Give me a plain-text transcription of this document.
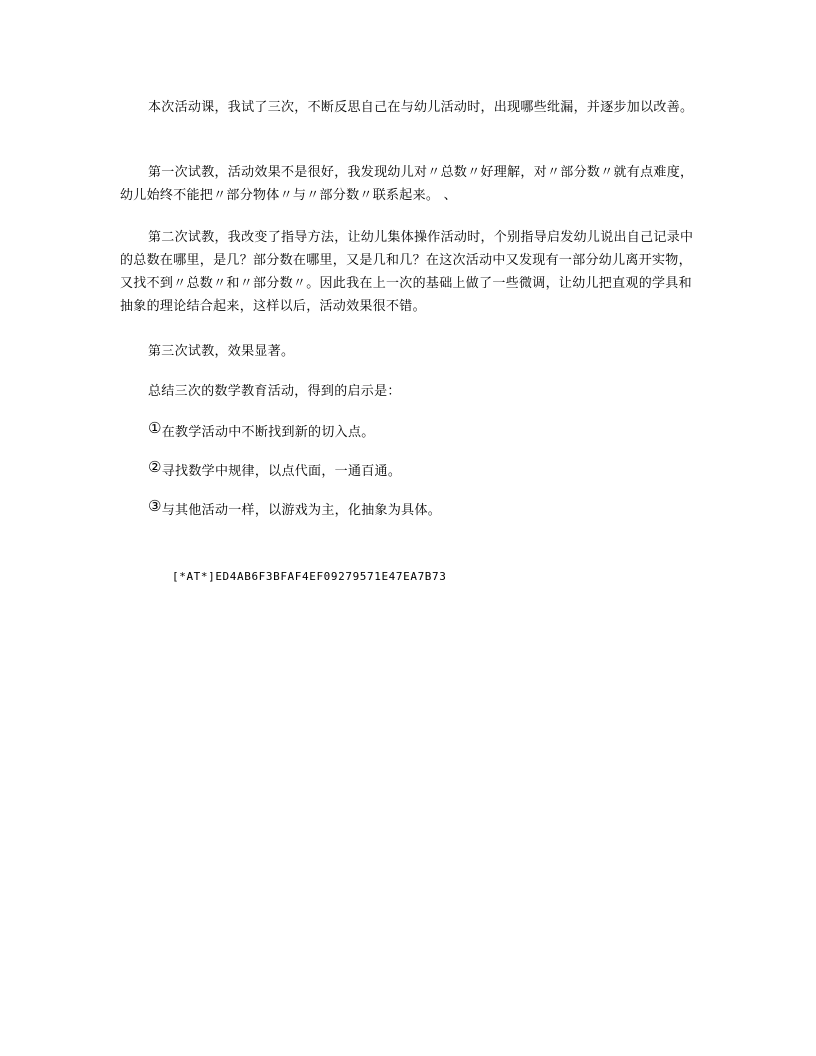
本次活动课，我试了三次，不断反思自己在与幼儿活动时，出现哪些纰漏，并逐步加以改善。

第一次试教，活动效果不是很好，我发现幼儿对〃总数〃好理解，对〃部分数〃就有点难度，幼儿始终不能把〃部分物体〃与〃部分数〃联系起来。 、

第二次试教，我改变了指导方法，让幼儿集体操作活动时，个别指导启发幼儿说出自己记录中的总数在哪里，是几？部分数在哪里，又是几和几？在这次活动中又发现有一部分幼儿离开实物，又找不到〃总数〃和〃部分数〃。因此我在上一次的基础上做了一些微调，让幼儿把直观的学具和抽象的理论结合起来，这样以后，活动效果很不错。

第三次试教，效果显著。

总结三次的数学教育活动，得到的启示是：

①在教学活动中不断找到新的切入点。

②寻找数学中规律，以点代面，一通百通。

③与其他活动一样，以游戏为主，化抽象为具体。

[*AT*]ED4AB6F3BFAF4EF09279571E47EA7B73
